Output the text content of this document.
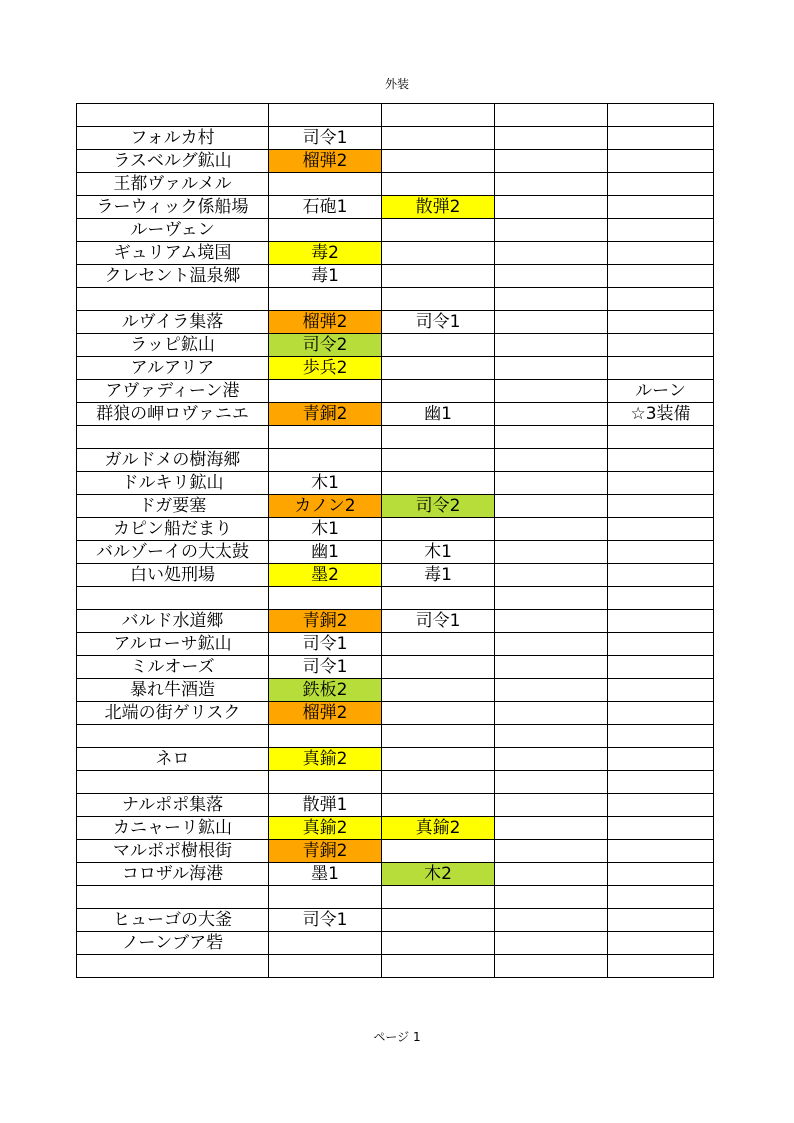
外装

フォルカ村	司令1			
ラスベルグ鉱山	榴弾2			
王都ヴァルメル				
ラーウィック係船場	石砲1	散弾2		
ルーヴェン				
ギュリアム境国	毒2			
クレセント温泉郷	毒1			

ルヴイラ集落	榴弾2	司令1		
ラッピ鉱山	司令2			
アルアリア	歩兵2			
アヴァディーン港				ルーン
群狼の岬ロヴァニエ	青銅2	幽1		☆3装備

ガルドメの樹海郷				
ドルキリ鉱山	木1			
ドガ要塞	カノン2	司令2		
カピン船だまり	木1			
バルゾーイの大太鼓	幽1	木1		
白い処刑場	墨2	毒1		

バルド水道郷	青銅2	司令1		
アルローサ鉱山	司令1			
ミルオーズ	司令1			
暴れ牛酒造	鉄板2			
北端の街ゲリスク	榴弾2			

ネロ	真鍮2			

ナルポポ集落	散弾1			
カニャーリ鉱山	真鍮2	真鍮2		
マルポポ樹根街	青銅2			
コロザル海港	墨1	木2		

ヒューゴの大釜	司令1			
ノーンブア砦				

ページ 1
